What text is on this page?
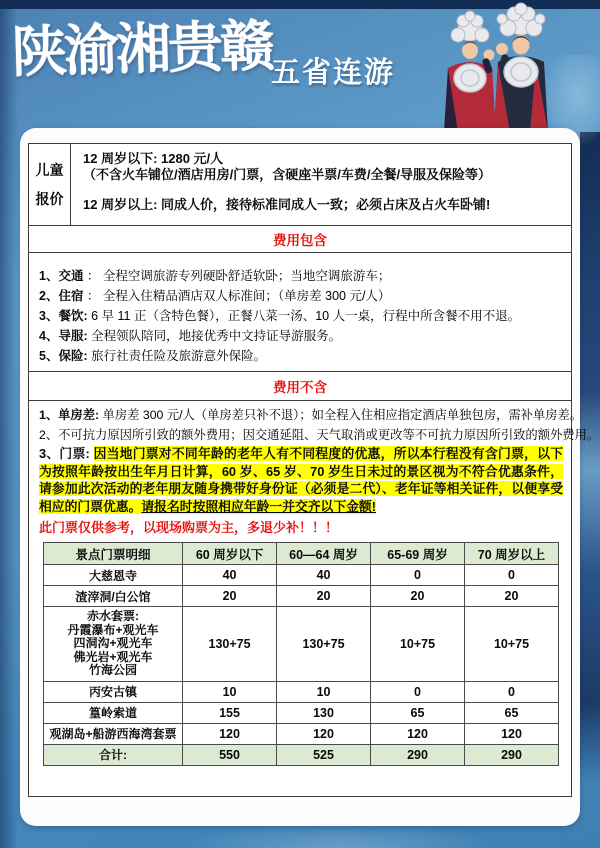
陕渝湘贵赣
五省连游
儿童
报价
12 周岁以下: 1280 元/人
（不含火车铺位/酒店用房/门票，含硬座半票/车费/全餐/导服及保险等）
12 周岁以上: 同成人价，接待标准同成人一致；必须占床及占火车卧铺!
费用包含
1、交通 ： 全程空调旅游专列硬卧舒适软卧；当地空调旅游车；
2、住宿 ： 全程入住精品酒店双人标准间；（单房差 300 元/人）
3、餐饮: 6 早 11 正（含特色餐），正餐八菜一汤、10 人一桌，行程中所含餐不用不退。
4、导服: 全程领队陪同，地接优秀中文持证导游服务。
5、保险: 旅行社责任险及旅游意外保险。
费用不含
1、单房差: 单房差 300 元/人（单房差只补不退）；如全程入住相应指定酒店单独包房，需补单房差。
2、不可抗力原因所引致的额外费用；因交通延阻、天气取消或更改等不可抗力原因所引致的额外费用。
3、门票: 因当地门票对不同年龄的老年人有不同程度的优惠，所以本行程没有含门票，以下为按照年龄按出生年月日计算，60 岁、65 岁、70 岁生日未过的景区视为不符合优惠条件，请参加此次活动的老年朋友随身携带好身份证（必须是二代）、老年证等相关证件，以便享受相应的门票优惠。请报名时按照相应年龄一并交齐以下金额!
此门票仅供参考，以现场购票为主，多退少补！！！
景点门票明细	60 周岁以下	60—64 周岁	65-69 周岁	70 周岁以上
大慈恩寺	40	40	0	0
渣滓洞/白公馆	20	20	20	20

赤水套票:
丹霞瀑布+观光车
四洞沟+观光车
佛光岩+观光车
竹海公园	130+75	130+75	10+75	10+75
丙安古镇	10	10	0	0
篁岭索道	155	130	65	65
观湖岛+船游西海湾套票	120	120	120	120
合计:	550	525	290	290
